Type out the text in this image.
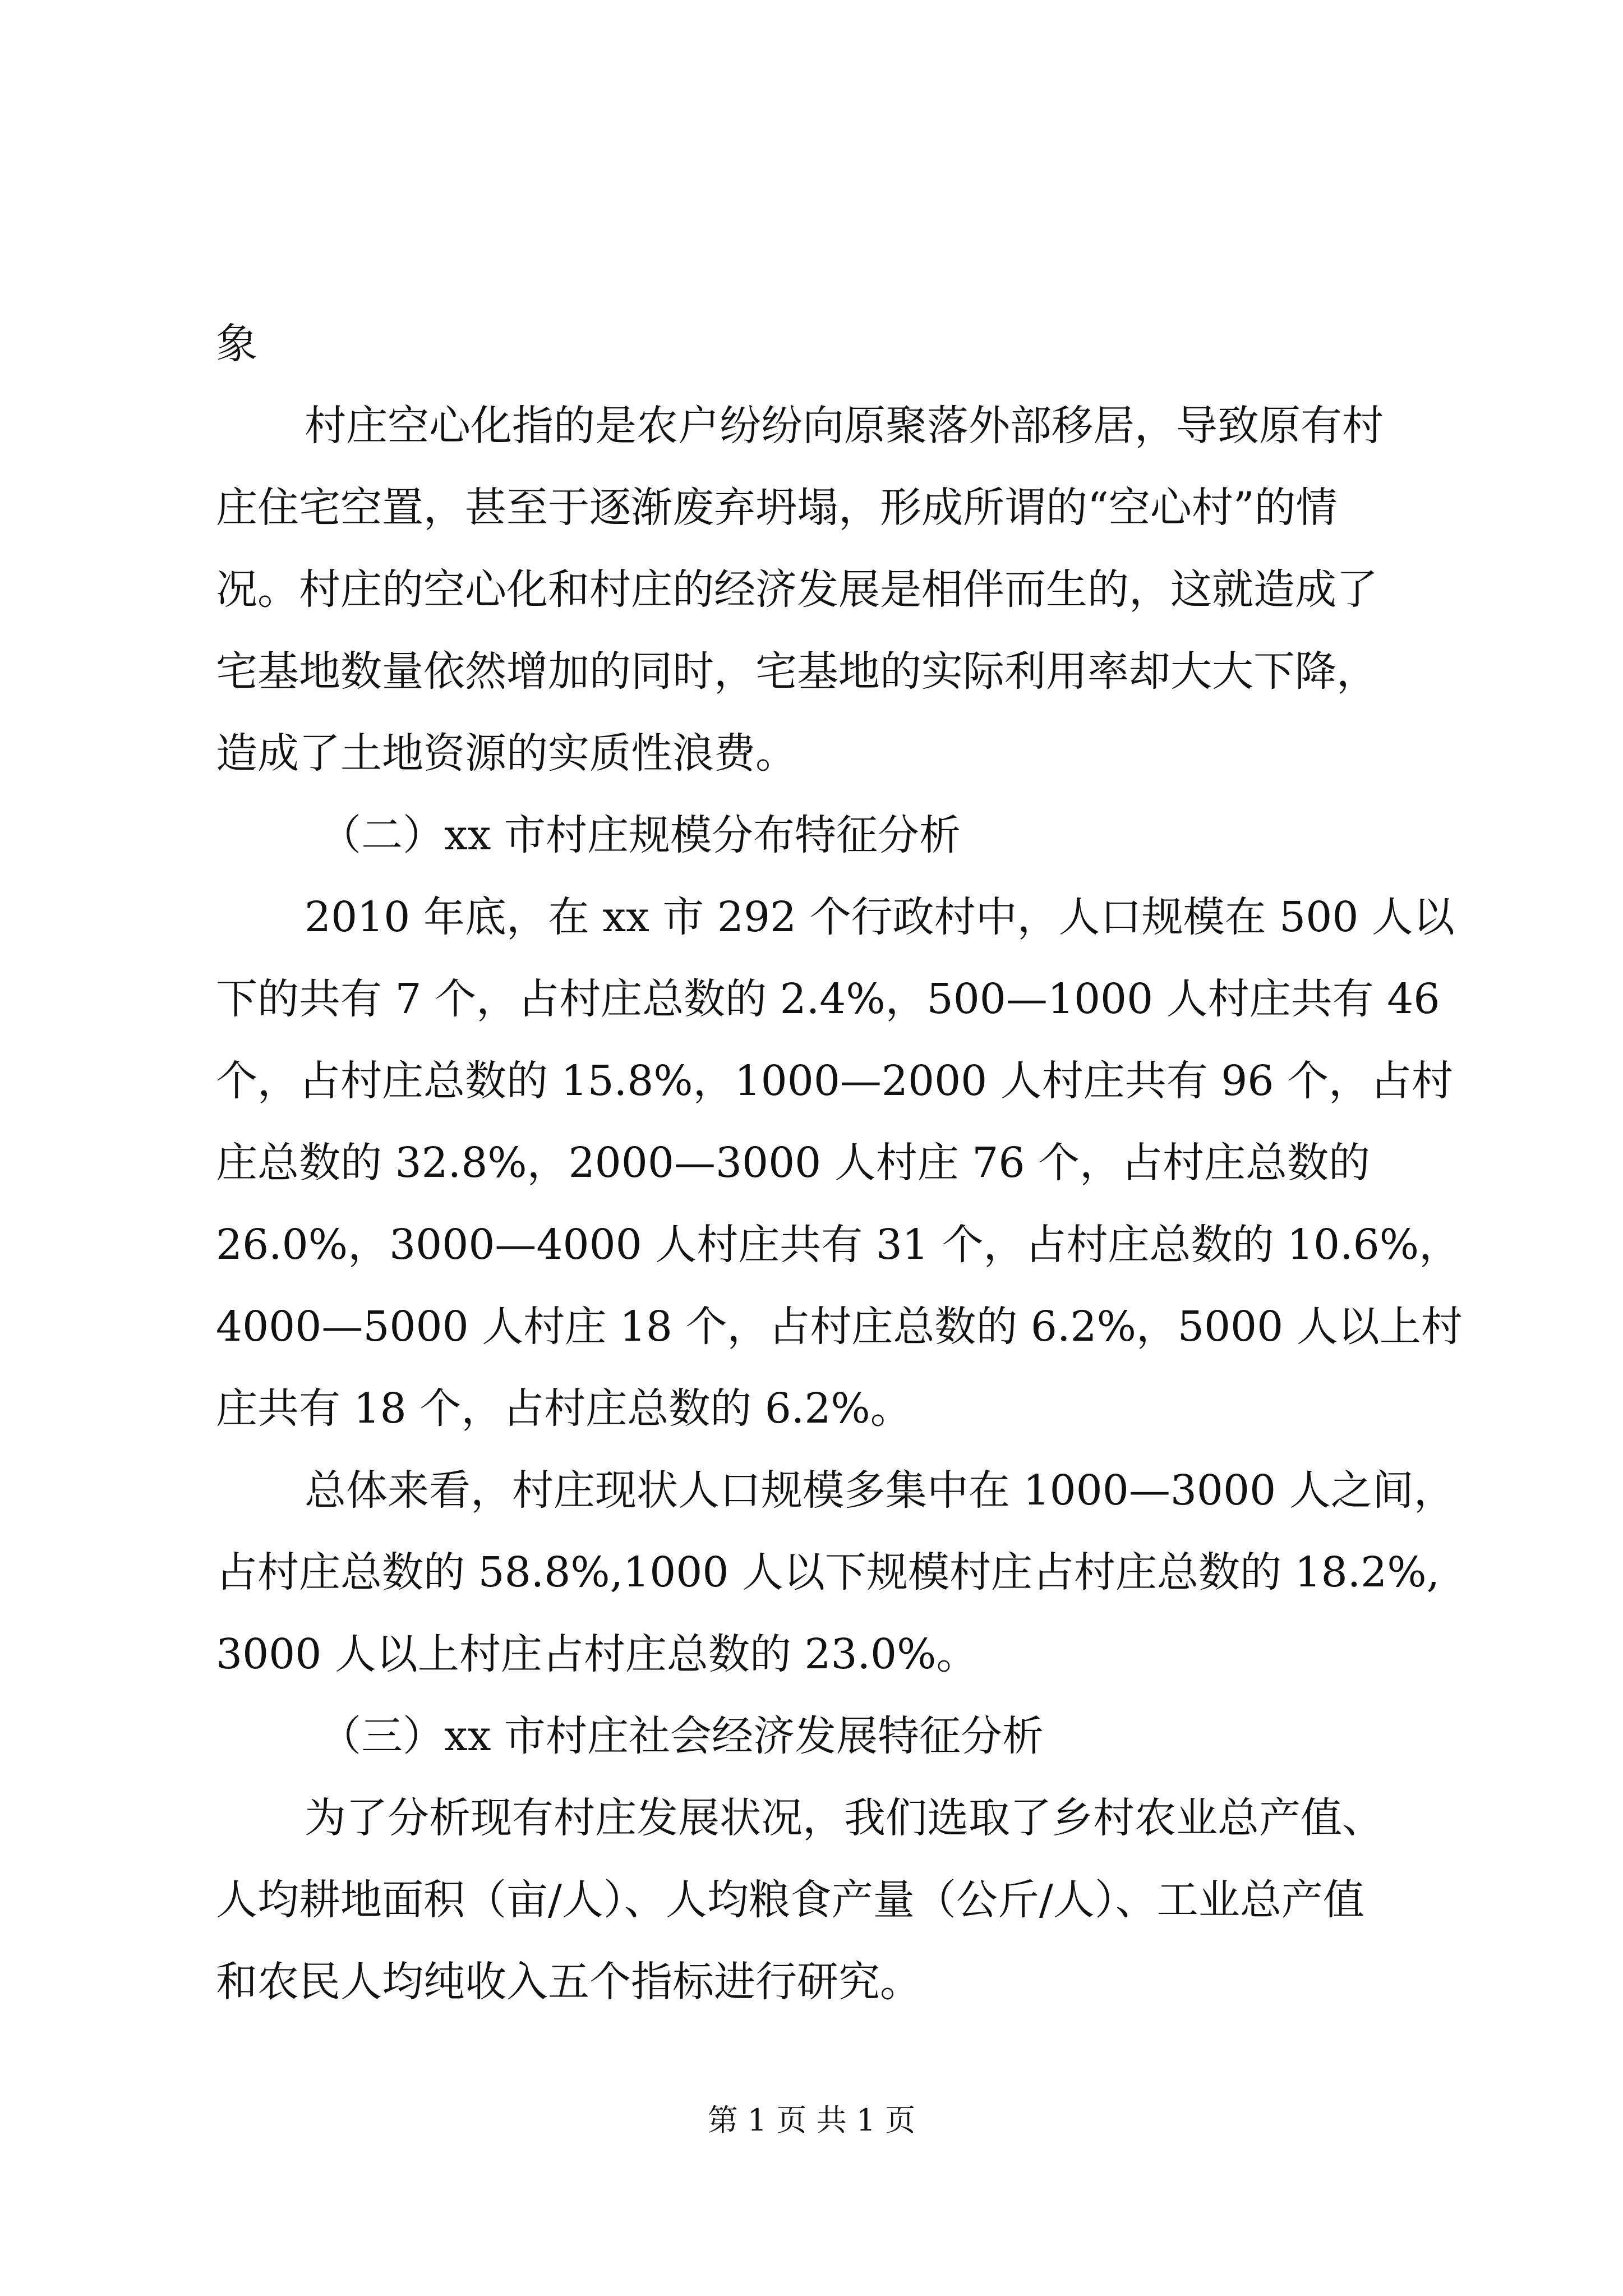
象
村庄空心化指的是农户纷纷向原聚落外部移居，导致原有村
庄住宅空置，甚至于逐渐废弃坍塌，形成所谓的“空心村”的情
况。村庄的空心化和村庄的经济发展是相伴而生的，这就造成了
宅基地数量依然增加的同时，宅基地的实际利用率却大大下降，
造成了土地资源的实质性浪费。
（二）xx 市村庄规模分布特征分析
2010 年底，在 xx 市 292 个行政村中，人口规模在 500 人以
下的共有 7 个，占村庄总数的 2.4%，500—1000 人村庄共有 46
个，占村庄总数的 15.8%，1000—2000 人村庄共有 96 个，占村
庄总数的 32.8%，2000—3000 人村庄 76 个，占村庄总数的
26.0%，3000—4000 人村庄共有 31 个，占村庄总数的 10.6%，
4000—5000 人村庄 18 个，占村庄总数的 6.2%，5000 人以上村
庄共有 18 个，占村庄总数的 6.2%。
总体来看，村庄现状人口规模多集中在 1000—3000 人之间，
占村庄总数的 58.8%,1000 人以下规模村庄占村庄总数的 18.2%,
3000 人以上村庄占村庄总数的 23.0%。
（三）xx 市村庄社会经济发展特征分析
为了分析现有村庄发展状况，我们选取了乡村农业总产值、
人均耕地面积（亩/人）、人均粮食产量（公斤/人）、工业总产值
和农民人均纯收入五个指标进行研究。
第 1 页 共 1 页
